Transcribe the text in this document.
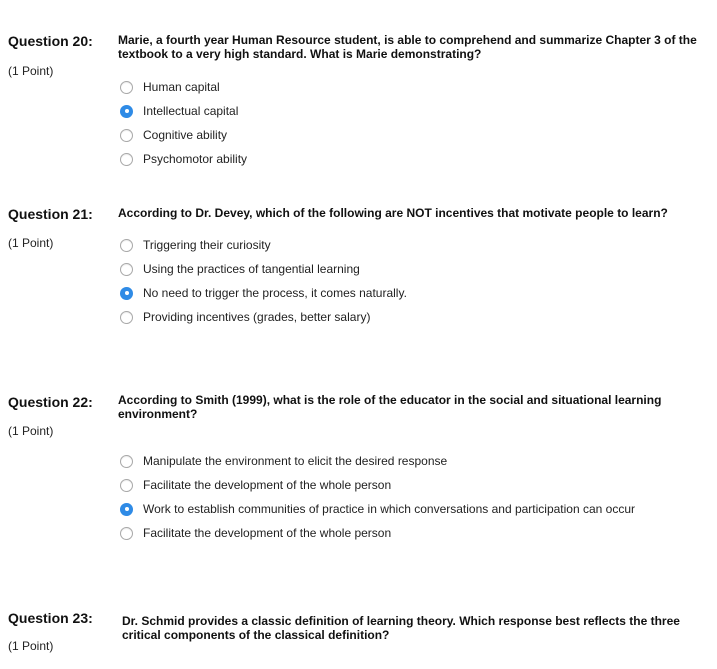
Question 20:
(1 Point)
Marie, a fourth year Human Resource student, is able to comprehend and summarize Chapter 3 of the textbook to a very high standard. What is Marie demonstrating?
Human capital
Intellectual capital
Cognitive ability
Psychomotor ability
Question 21:
(1 Point)
According to Dr. Devey, which of the following are NOT incentives that motivate people to learn?
Triggering their curiosity
Using the practices of tangential learning
No need to trigger the process, it comes naturally.
Providing incentives (grades, better salary)
Question 22:
(1 Point)
According to Smith (1999), what is the role of the educator in the social and situational learning environment?
Manipulate the environment to elicit the desired response
Facilitate the development of the whole person
Work to establish communities of practice in which conversations and participation can occur
Facilitate the development of the whole person
Question 23:
(1 Point)
Dr. Schmid provides a classic definition of learning theory. Which response best reflects the three critical components of the classical definition?
